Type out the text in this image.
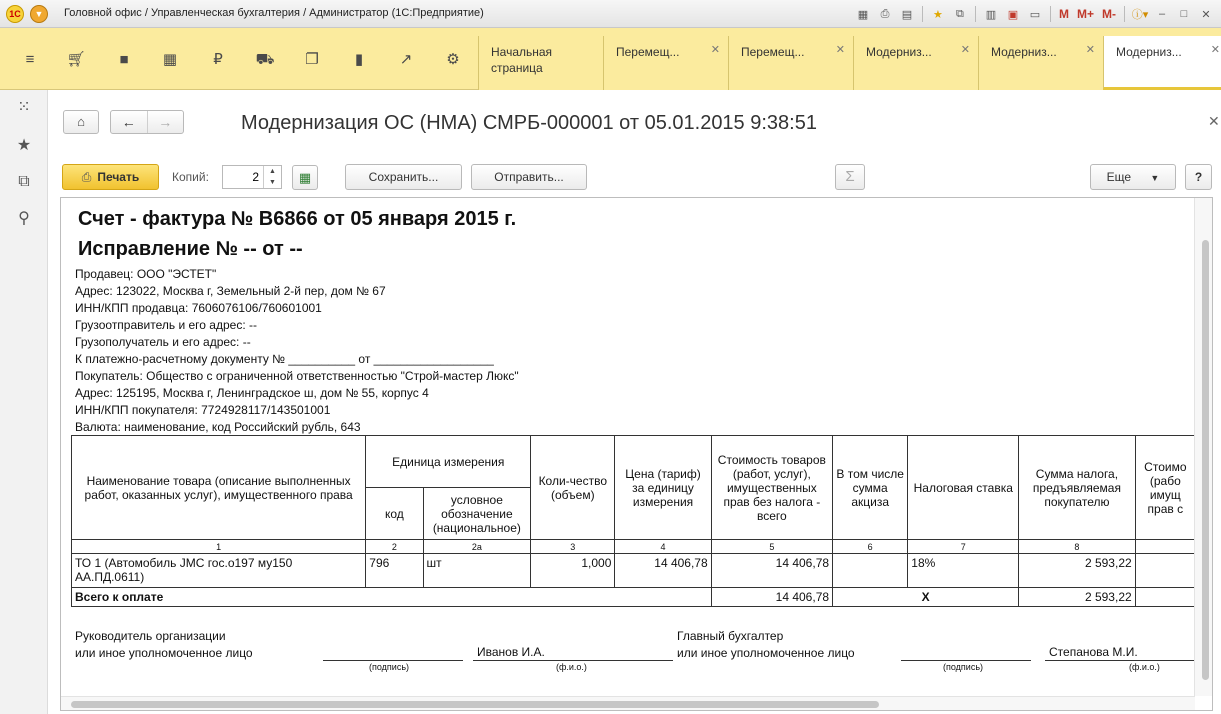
1С	▼	Головной офис / Управленческая бухгалтерия / Администратор (1С:Предприятие)	▦	⎙	▤	★	⧉	▥	▣	▭	M M+ M- ⓘ▾ –	□	✕
≡	🛒︎	■	▦	₽	⛟ ❐	▮	↗ ⚙	Начальная страница
Перемещ...	✕	Перемещ...	✕	Модерниз...	✕	Модерниз...	✕	Модерниз...	✕
⁙
★
⧉
⚲
⌂	←	→	Модернизация ОС (НМА) СМРБ-000001 от 05.01.2015 9:38:51	✕
⎙ Печать	Копий:
2	▲
▼	▦	Сохранить...	Отправить...	Σ	Еще ▼	?
Счет - фактура № В6866 от 05 января 2015 г.
Исправление № -- от --
Продавец: ООО "ЭСТЕТ"
Адрес: 123022, Москва г, Земельный 2-й пер, дом № 67
ИНН/КПП продавца: 7606076106/760601001
Грузоотправитель и его адрес: --
Грузополучатель и его адрес: --
К платежно-расчетному документу № __________ от __________________
Покупатель: Общество с ограниченной ответственностью "Строй-мастер Люкс"
Адрес: 125195, Москва г, Ленинградское ш, дом № 55, корпус 4
ИНН/КПП покупателя: 7724928117/143501001
Валюта: наименование, код Российский рубль, 643
Наименование товара (описание выполненных работ, оказанных услуг), имущественного права	Единица измерения		Коли-чество (объем)	Цена (тариф) за единицу измерения	Стоимость товаров (работ, услуг), имущественных прав без налога - всего	В том числе сумма акциза	Налоговая ставка	Сумма налога, предъявляемая покупателю	Стоимо (рабо имущ прав с
	код	условное обозначение (национальное)							
1	2	2а	3	4	5	6	7	8	
ТО 1 (Автомобиль JMC гос.о197 му150 АА.ПД.0611)	796	шт	1,000	14 406,78	14 406,78		18%	2 593,22	
Всего к оплате					14 406,78	X		2 593,22	
Руководитель организации
или иное уполномоченное лицо
(подпись)
Иванов И.А.
(ф.и.о.)
Главный бухгалтер
или иное уполномоченное лицо
(подпись)
Степанова М.И.
(ф.и.о.)
